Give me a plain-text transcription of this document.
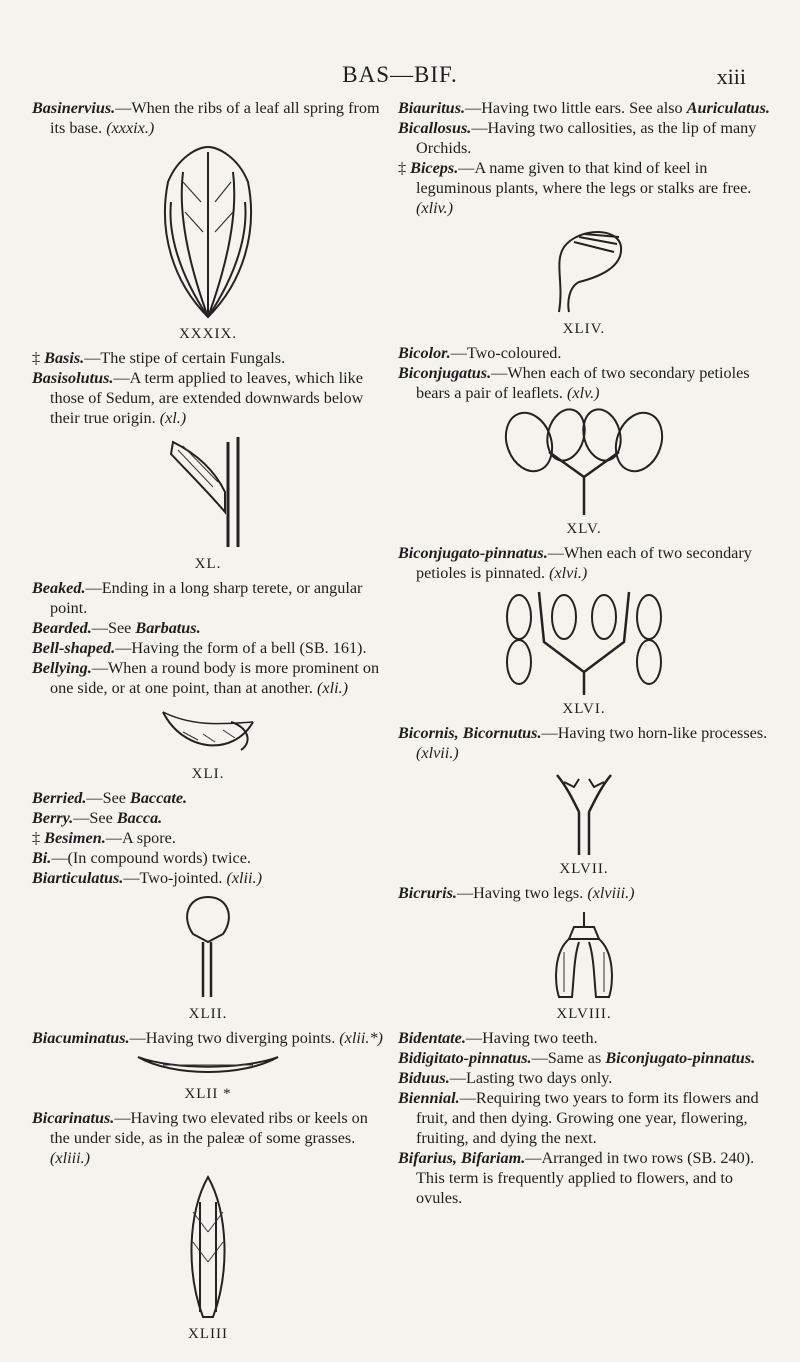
BAS—BIF.	xiii

Basinervius.—When the ribs of a leaf all spring from its base. (xxxix.)

XXXIX.

‡ Basis.—The stipe of certain Fungals.

Basisolutus.—A term applied to leaves, which like those of Sedum, are extended downwards below their true origin. (xl.)

XL.

Beaked.—Ending in a long sharp terete, or angular point.

Bearded.—See Barbatus.

Bell-shaped.—Having the form of a bell (SB. 161).

Bellying.—When a round body is more prominent on one side, or at one point, than at another. (xli.)

XLI.

Berried.—See Baccate.

Berry.—See Bacca.

‡ Besimen.—A spore.

Bi.—(In compound words) twice.

Biarticulatus.—Two-jointed. (xlii.)

XLII.

Biacuminatus.—Having two diverging points. (xlii.*)

XLII *

Bicarinatus.—Having two elevated ribs or keels on the under side, as in the paleæ of some grasses. (xliii.)

XLIII

Biauritus.—Having two little ears. See also Auriculatus.

Bicallosus.—Having two callosities, as the lip of many Orchids.

‡ Biceps.—A name given to that kind of keel in leguminous plants, where the legs or stalks are free. (xliv.)

XLIV.

Bicolor.—Two-coloured.

Biconjugatus.—When each of two secondary petioles bears a pair of leaflets. (xlv.)

XLV.

Biconjugato-pinnatus.—When each of two secondary petioles is pinnated. (xlvi.)

XLVI.

Bicornis, Bicornutus.—Having two horn-like processes. (xlvii.)

XLVII.

Bicruris.—Having two legs. (xlviii.)

XLVIII.

Bidentate.—Having two teeth.

Bidigitato-pinnatus.—Same as Biconjugato-pinnatus.

Biduus.—Lasting two days only.

Biennial.—Requiring two years to form its flowers and fruit, and then dying. Growing one year, flowering, fruiting, and dying the next.

Bifarius, Bifariam.—Arranged in two rows (SB. 240). This term is frequently applied to flowers, and to ovules.
